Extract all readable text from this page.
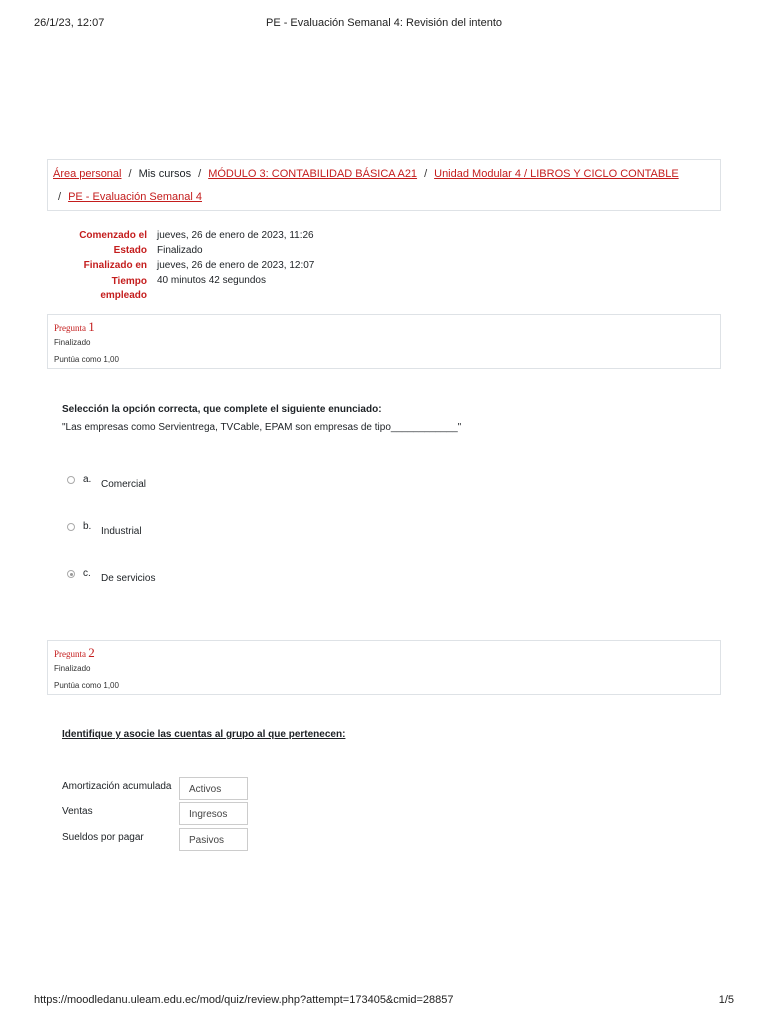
26/1/23, 12:07	PE - Evaluación Semanal 4: Revisión del intento
Área personal / Mis cursos / MÓDULO 3: CONTABILIDAD BÁSICA A21 / Unidad Modular 4 / LIBROS Y CICLO CONTABLE
/ PE - Evaluación Semanal 4
Comenzado el jueves, 26 de enero de 2023, 11:26
Estado Finalizado
Finalizado en jueves, 26 de enero de 2023, 12:07
Tiempo
empleado
40 minutos 42 segundos
Pregunta 1
Finalizado
Puntúa como 1,00
Selección la opción correcta, que complete el siguiente enunciado:
"Las empresas como Servientrega, TVCable, EPAM son empresas de tipo____________"
a. Comercial
b. Industrial
c. De servicios
Pregunta 2
Finalizado
Puntúa como 1,00
Identifique y asocie las cuentas al grupo al que pertenecen:
Amortización acumulada	Activos
Ventas	Ingresos
Sueldos por pagar	Pasivos
https://moodledanu.uleam.edu.ec/mod/quiz/review.php?attempt=173405&cmid=28857	1/5
